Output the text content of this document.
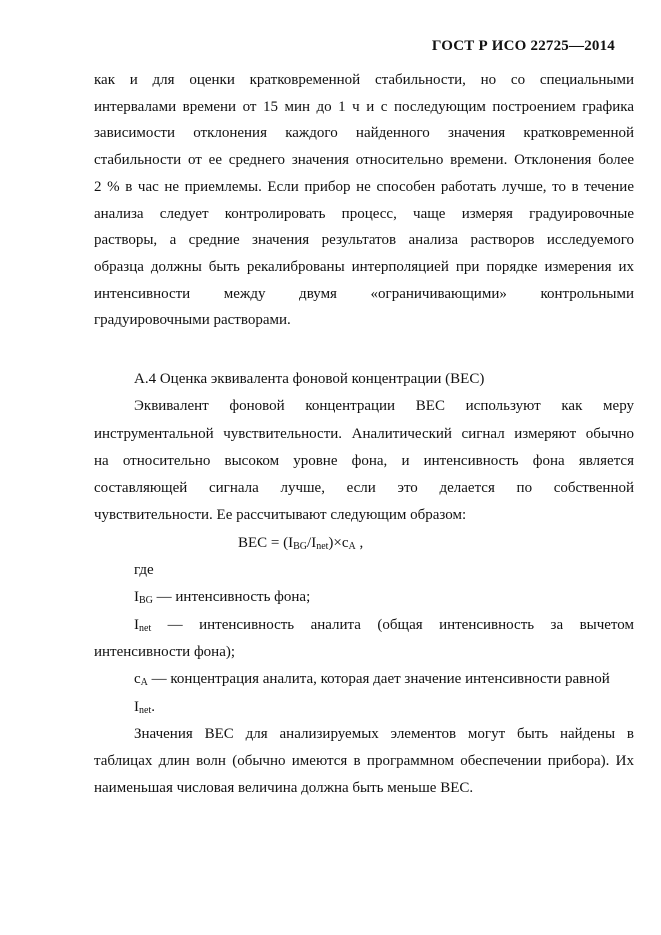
ГОСТ Р ИСО 22725—2014
как и для оценки кратковременной стабильности, но со специальными
интервалами времени от 15 мин до 1 ч и с последующим построением графика
зависимости отклонения каждого найденного значения кратковременной
стабильности от ее среднего значения относительно времени. Отклонения более
2 % в час не приемлемы. Если прибор не способен работать лучше, то в течение
анализа следует контролировать процесс, чаще измеряя градуировочные
растворы, а средние значения результатов анализа растворов исследуемого
образца должны быть рекалиброваны интерполяцией при порядке измерения их
интенсивности между двумя «ограничивающими» контрольными
градуировочными растворами.
А.4 Оценка эквивалента фоновой концентрации (BEC)
Эквивалент фоновой концентрации BEC используют как меру
инструментальной чувствительности. Аналитический сигнал измеряют обычно
на относительно высоком уровне фона, и интенсивность фона является
составляющей сигнала лучше, если это делается по собственной
чувствительности. Ее рассчитывают следующим образом:
BEC = $(I_{BG}/I_{net})\times c_A$ ,
где
$I_{BG}$ — интенсивность фона;
$I_{net}$ — интенсивность аналита (общая интенсивность за вычетом
интенсивности фона);
$c_A$ — концентрация аналита, которая дает значение интенсивности равной $I_{net}$.
Значения BEC для анализируемых элементов могут быть найдены в
таблицах длин волн (обычно имеются в программном обеспечении прибора). Их
наименьшая числовая величина должна быть меньше BEC.
